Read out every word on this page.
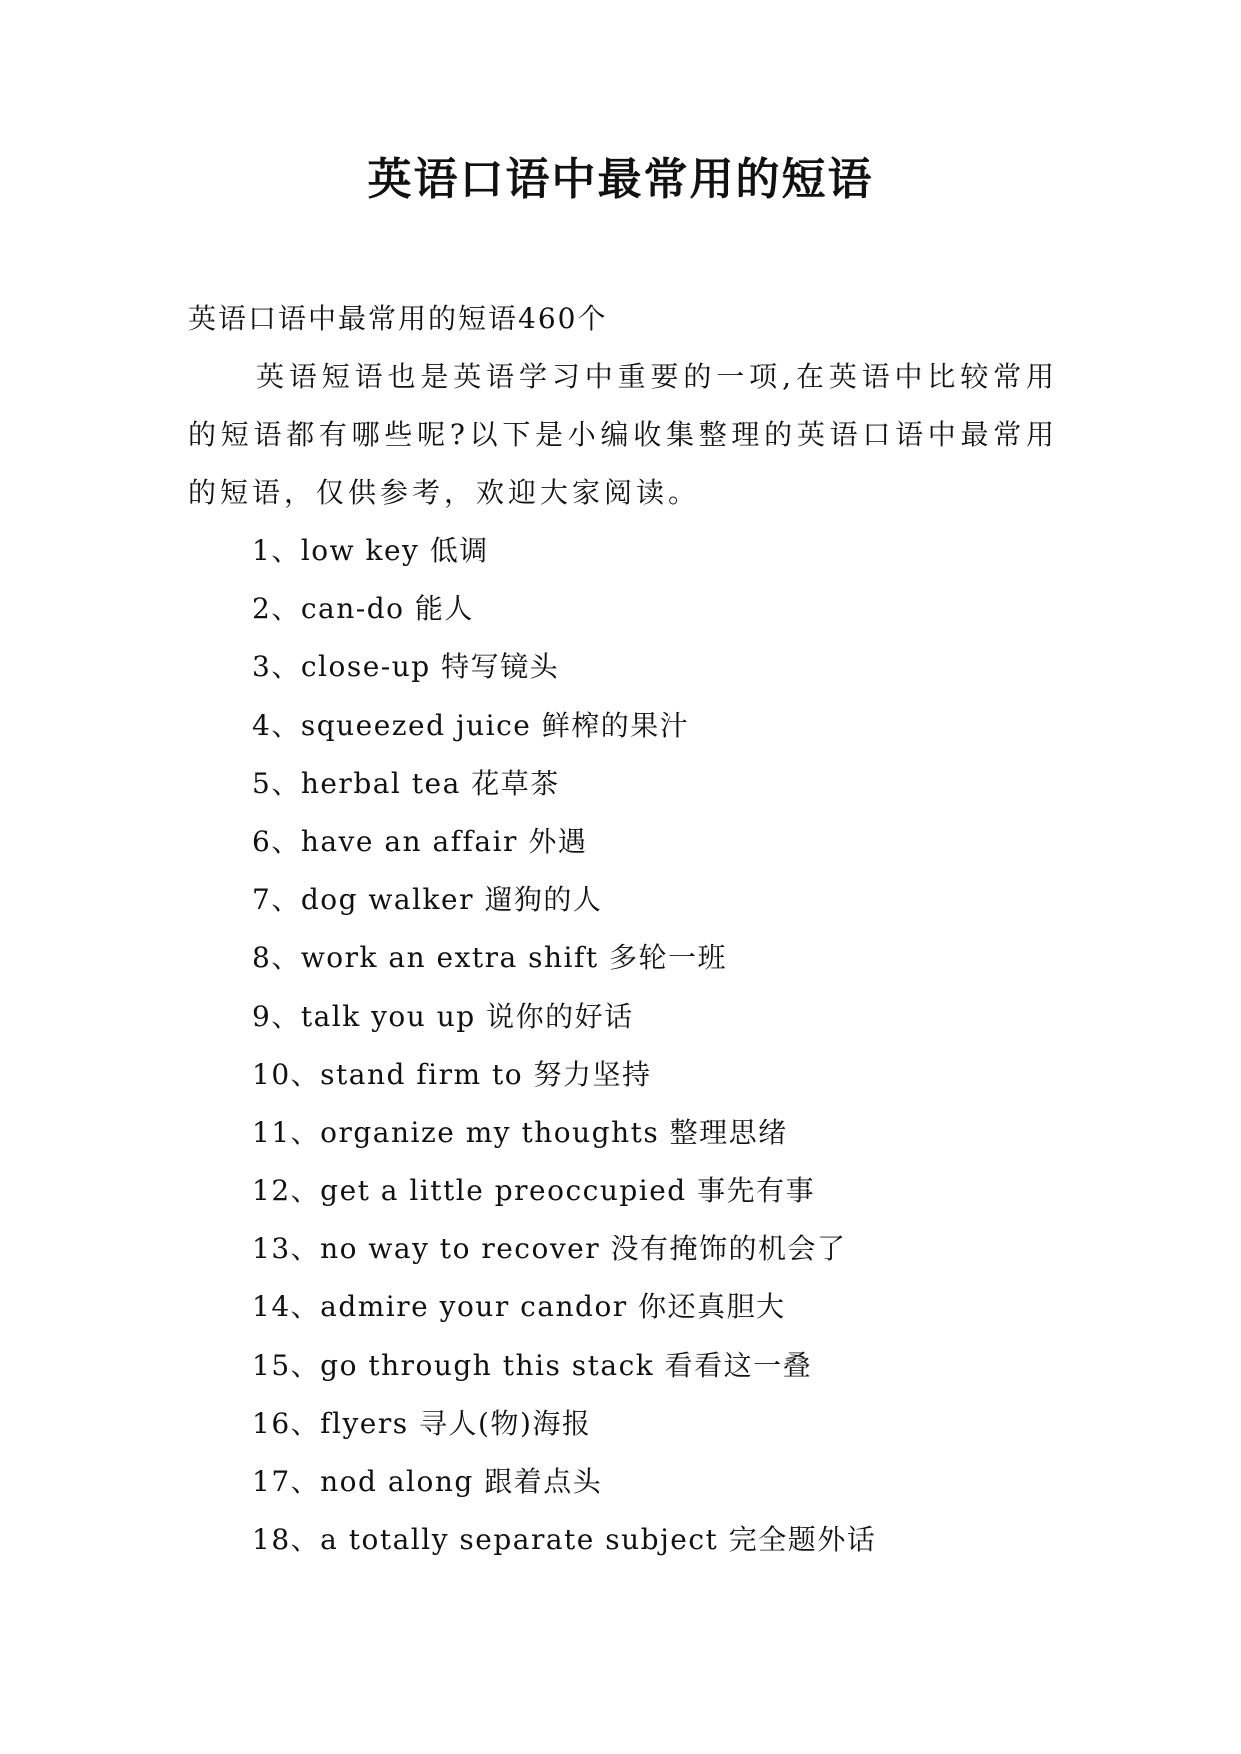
英语口语中最常用的短语

英语口语中最常用的短语460个

英语短语也是英语学习中重要的一项,在英语中比较常用的短语都有哪些呢?以下是小编收集整理的英语口语中最常用的短语，仅供参考，欢迎大家阅读。

1、low key 低调
2、can-do 能人
3、close-up 特写镜头
4、squeezed juice 鲜榨的果汁
5、herbal tea 花草茶
6、have an affair 外遇
7、dog walker 遛狗的人
8、work an extra shift 多轮一班
9、talk you up 说你的好话
10、stand firm to 努力坚持
11、organize my thoughts 整理思绪
12、get a little preoccupied 事先有事
13、no way to recover 没有掩饰的机会了
14、admire your candor 你还真胆大
15、go through this stack 看看这一叠
16、flyers 寻人(物)海报
17、nod along 跟着点头
18、a totally separate subject 完全题外话
